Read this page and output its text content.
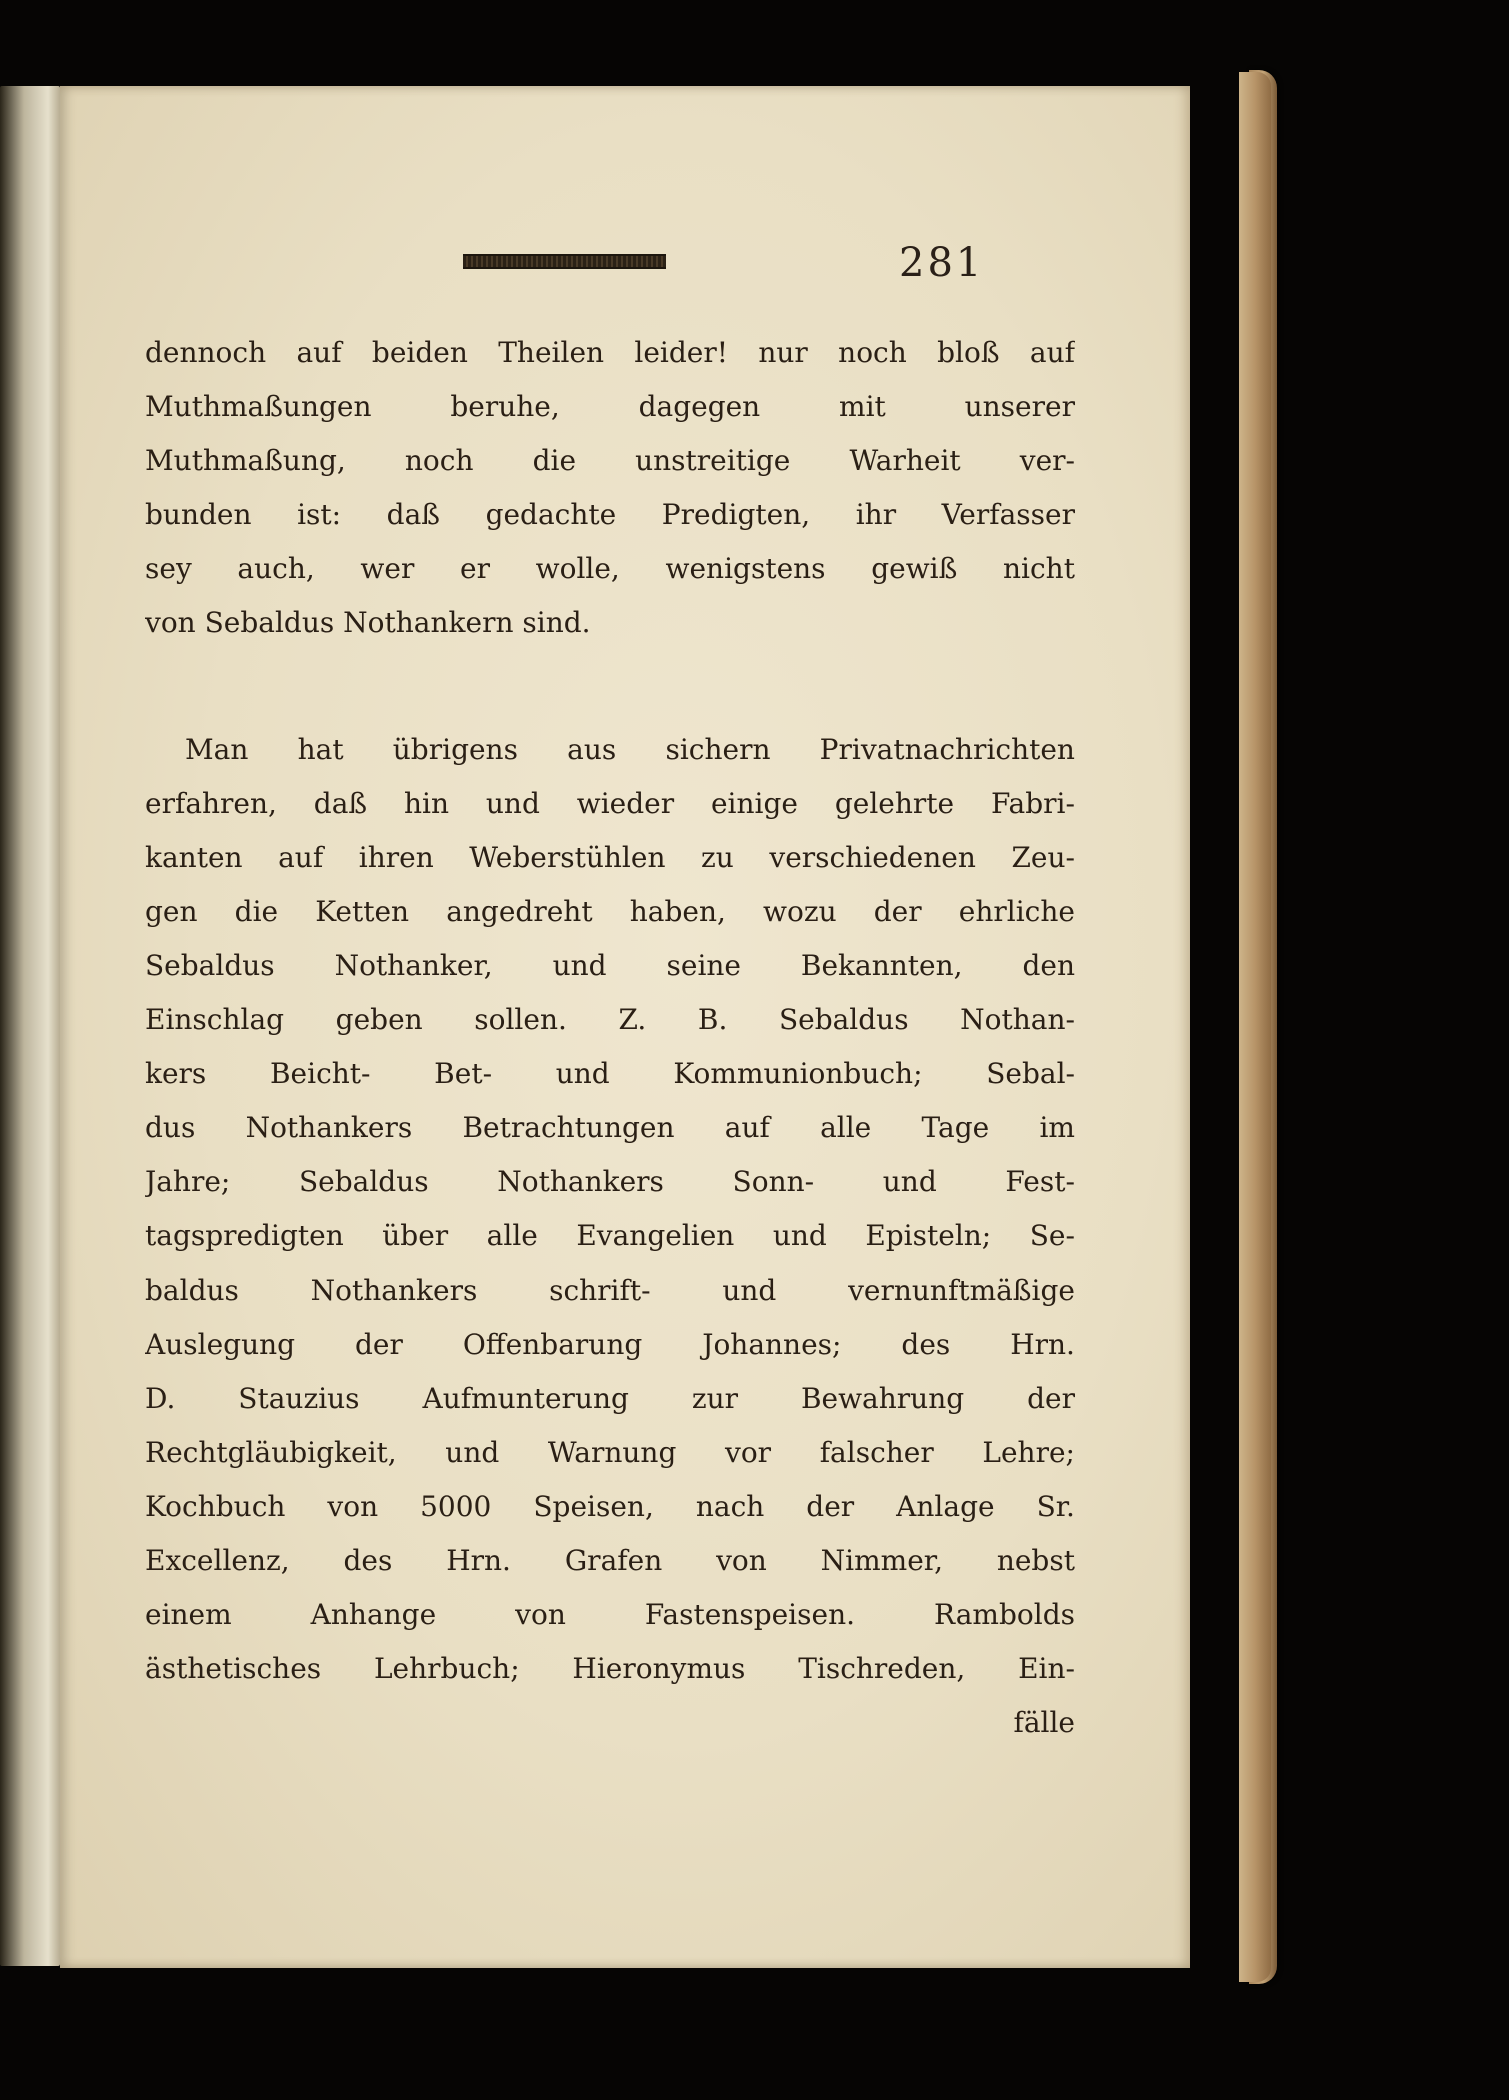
281
dennoch auf beiden Theilen leider! nur noch bloß auf
Muthmaßungen	beruhe,	dagegen	mit	unserer
Muthmaßung, noch die unstreitige Warheit ver-
bunden ist: daß gedachte Predigten, ihr Verfasser
sey auch, wer er wolle, wenigstens gewiß nicht
von Sebaldus Nothankern sind.
Man hat übrigens aus sichern Privatnachrichten
erfahren, daß hin und wieder einige gelehrte Fabri-
kanten auf ihren Weberstühlen zu verschiedenen Zeu-
gen die Ketten angedreht haben, wozu der ehrliche
Sebaldus Nothanker, und seine Bekannten, den
Einschlag geben sollen. Z. B. Sebaldus Nothan-
kers Beicht- Bet- und Kommunionbuch; Sebal-
dus Nothankers Betrachtungen auf alle Tage im
Jahre; Sebaldus Nothankers Sonn- und Fest-
tagspredigten über alle Evangelien und Episteln; Se-
baldus	Nothankers	schrift-	und	vernunftmäßige
Auslegung der Offenbarung Johannes; des Hrn.
D. Stauzius Aufmunterung zur Bewahrung der
Rechtgläubigkeit, und Warnung vor falscher Lehre;
Kochbuch von 5000 Speisen, nach der Anlage Sr.
Excellenz, des Hrn. Grafen von Nimmer, nebst
einem	Anhange	von	Fastenspeisen.	Rambolds
ästhetisches Lehrbuch; Hieronymus Tischreden, Ein-
fälle
